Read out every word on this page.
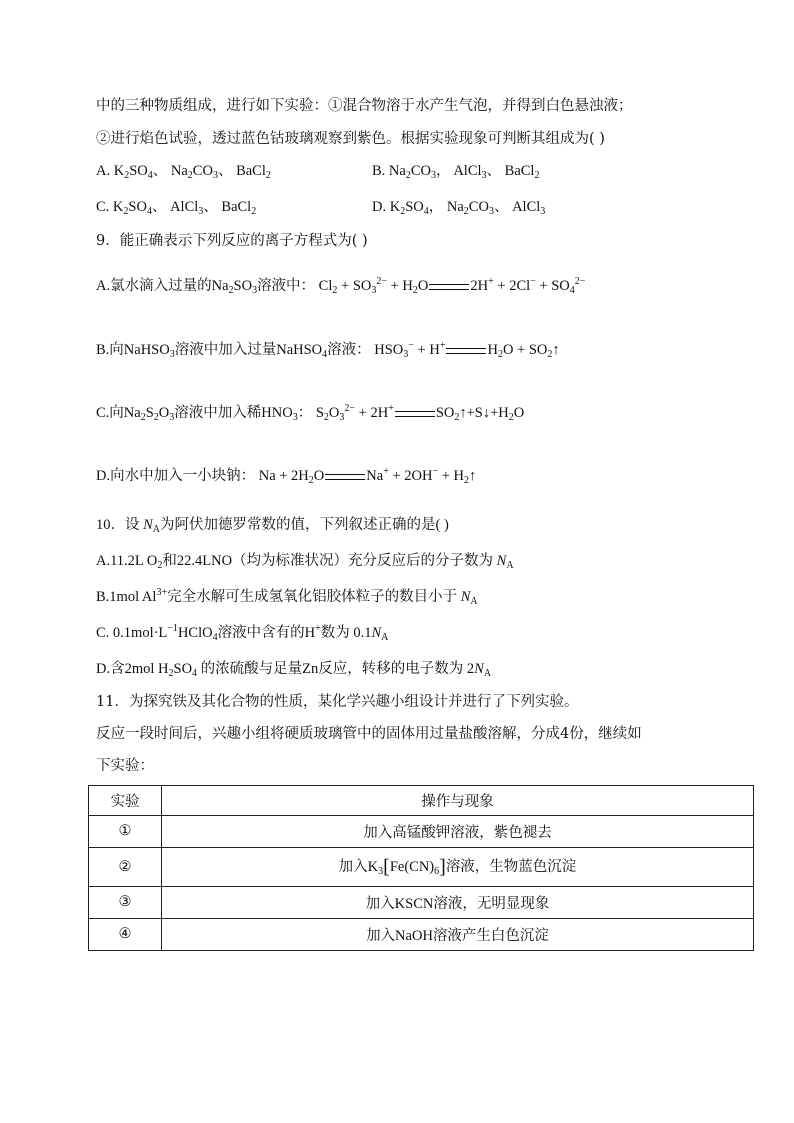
中的三种物质组成，进行如下实验：①混合物溶于水产生气泡，并得到白色悬浊液；
②进行焰色试验，透过蓝色钴玻璃观察到紫色。根据实验现象可判断其组成为( )
A. $K_2SO_4$、 $Na_2CO_3$、 BaCl$_2$	B. $Na_2CO_3$， AlCl$_3$、 BaCl$_2$
C. $K_2SO_4$、 AlCl$_3$、 BaCl$_2$	D. $K_2SO_4$， $Na_2CO_3$、 AlCl$_3$
9．能正确表示下列反应的离子方程式为( )
A.氯水滴入过量的$Na_2SO_3$溶液中： $Cl_2 + SO_3^{2-} + H_2O$	$2H^+ + 2Cl^- + SO_4^{2-}$
B.向NaHSO$_3$溶液中加入过量NaHSO$_4$溶液： $HSO_3^- + H^+$	$H_2O$ + $SO_2↑$
C.向$Na_2S_2O_3$溶液中加入稀$HNO_3$： $S_2O_3^{2-} + 2H^+$	$SO_2↑+S↓+H_2O$
D.向水中加入一小块钠： $Na + 2H_2O$	$Na^+ + 2OH^- + H_2↑$
10．设 $N_A$为阿伏加德罗常数的值，下列叙述正确的是( )
A.11.2L $O_2$和22.4LNO（均为标准状况）充分反应后的分子数为 $N_A$
B.1mol $Al^{3+}$完全水解可生成氢氧化铝胶体粒子的数目小于 $N_A$
C. $0.1mol\cdot L^{-1}HClO_4$溶液中含有的H+数为 $0.1N_A$
D.含2mol $H_2SO_4$ 的浓硫酸与足量Zn反应，转移的电子数为 $2N_A$
11．为探究铁及其化合物的性质，某化学兴趣小组设计并进行了下列实验。
反应一段时间后，兴趣小组将硬质玻璃管中的固体用过量盐酸溶解，分成4份，继续如
下实验：
实验	操作与现象
①	加入高锰酸钾溶液，紫色褪去
②	加入$K_3[Fe(CN)_6]$溶液，生物蓝色沉淀
③	加入KSCN溶液，无明显现象
④	加入NaOH溶液产生白色沉淀
